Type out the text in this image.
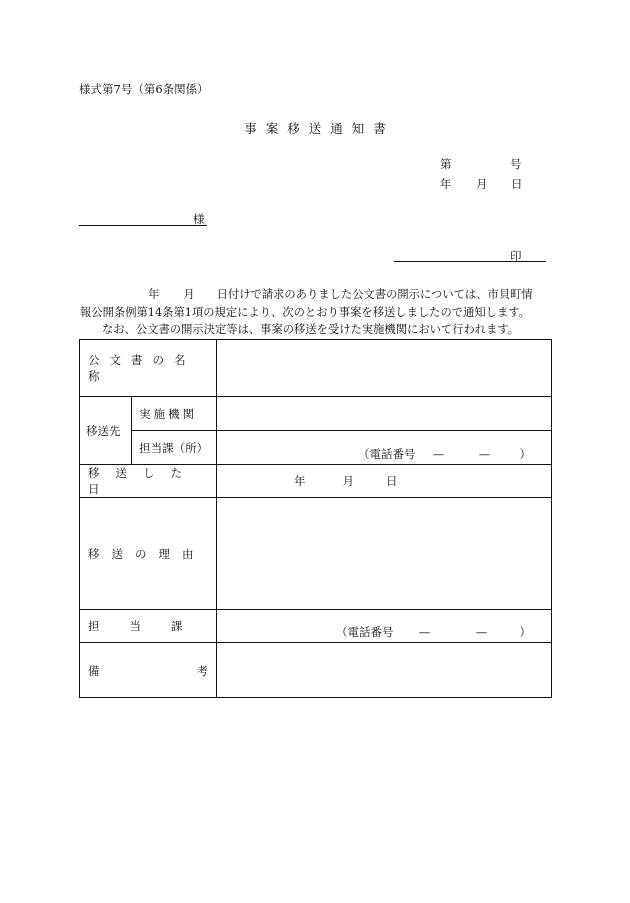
様式第7号（第6条関係）
事案移送通知書
第	号
年 月 日
様
印
年 月 日付けで請求のありました公文書の開示については、市貝町情
報公開条例第14条第1項の規定により、次のとおり事案を移送しましたので通知します。
なお、公文書の開示決定等は、事案の移送を受けた実施機関において行われます。
公文書の名称		
移送先	実施機関	
	担当課（所）	（電話番号 — — ）
移送した日		年 月 日
移送の理由		
担当課		（電話番号 — — ）

備 考		
